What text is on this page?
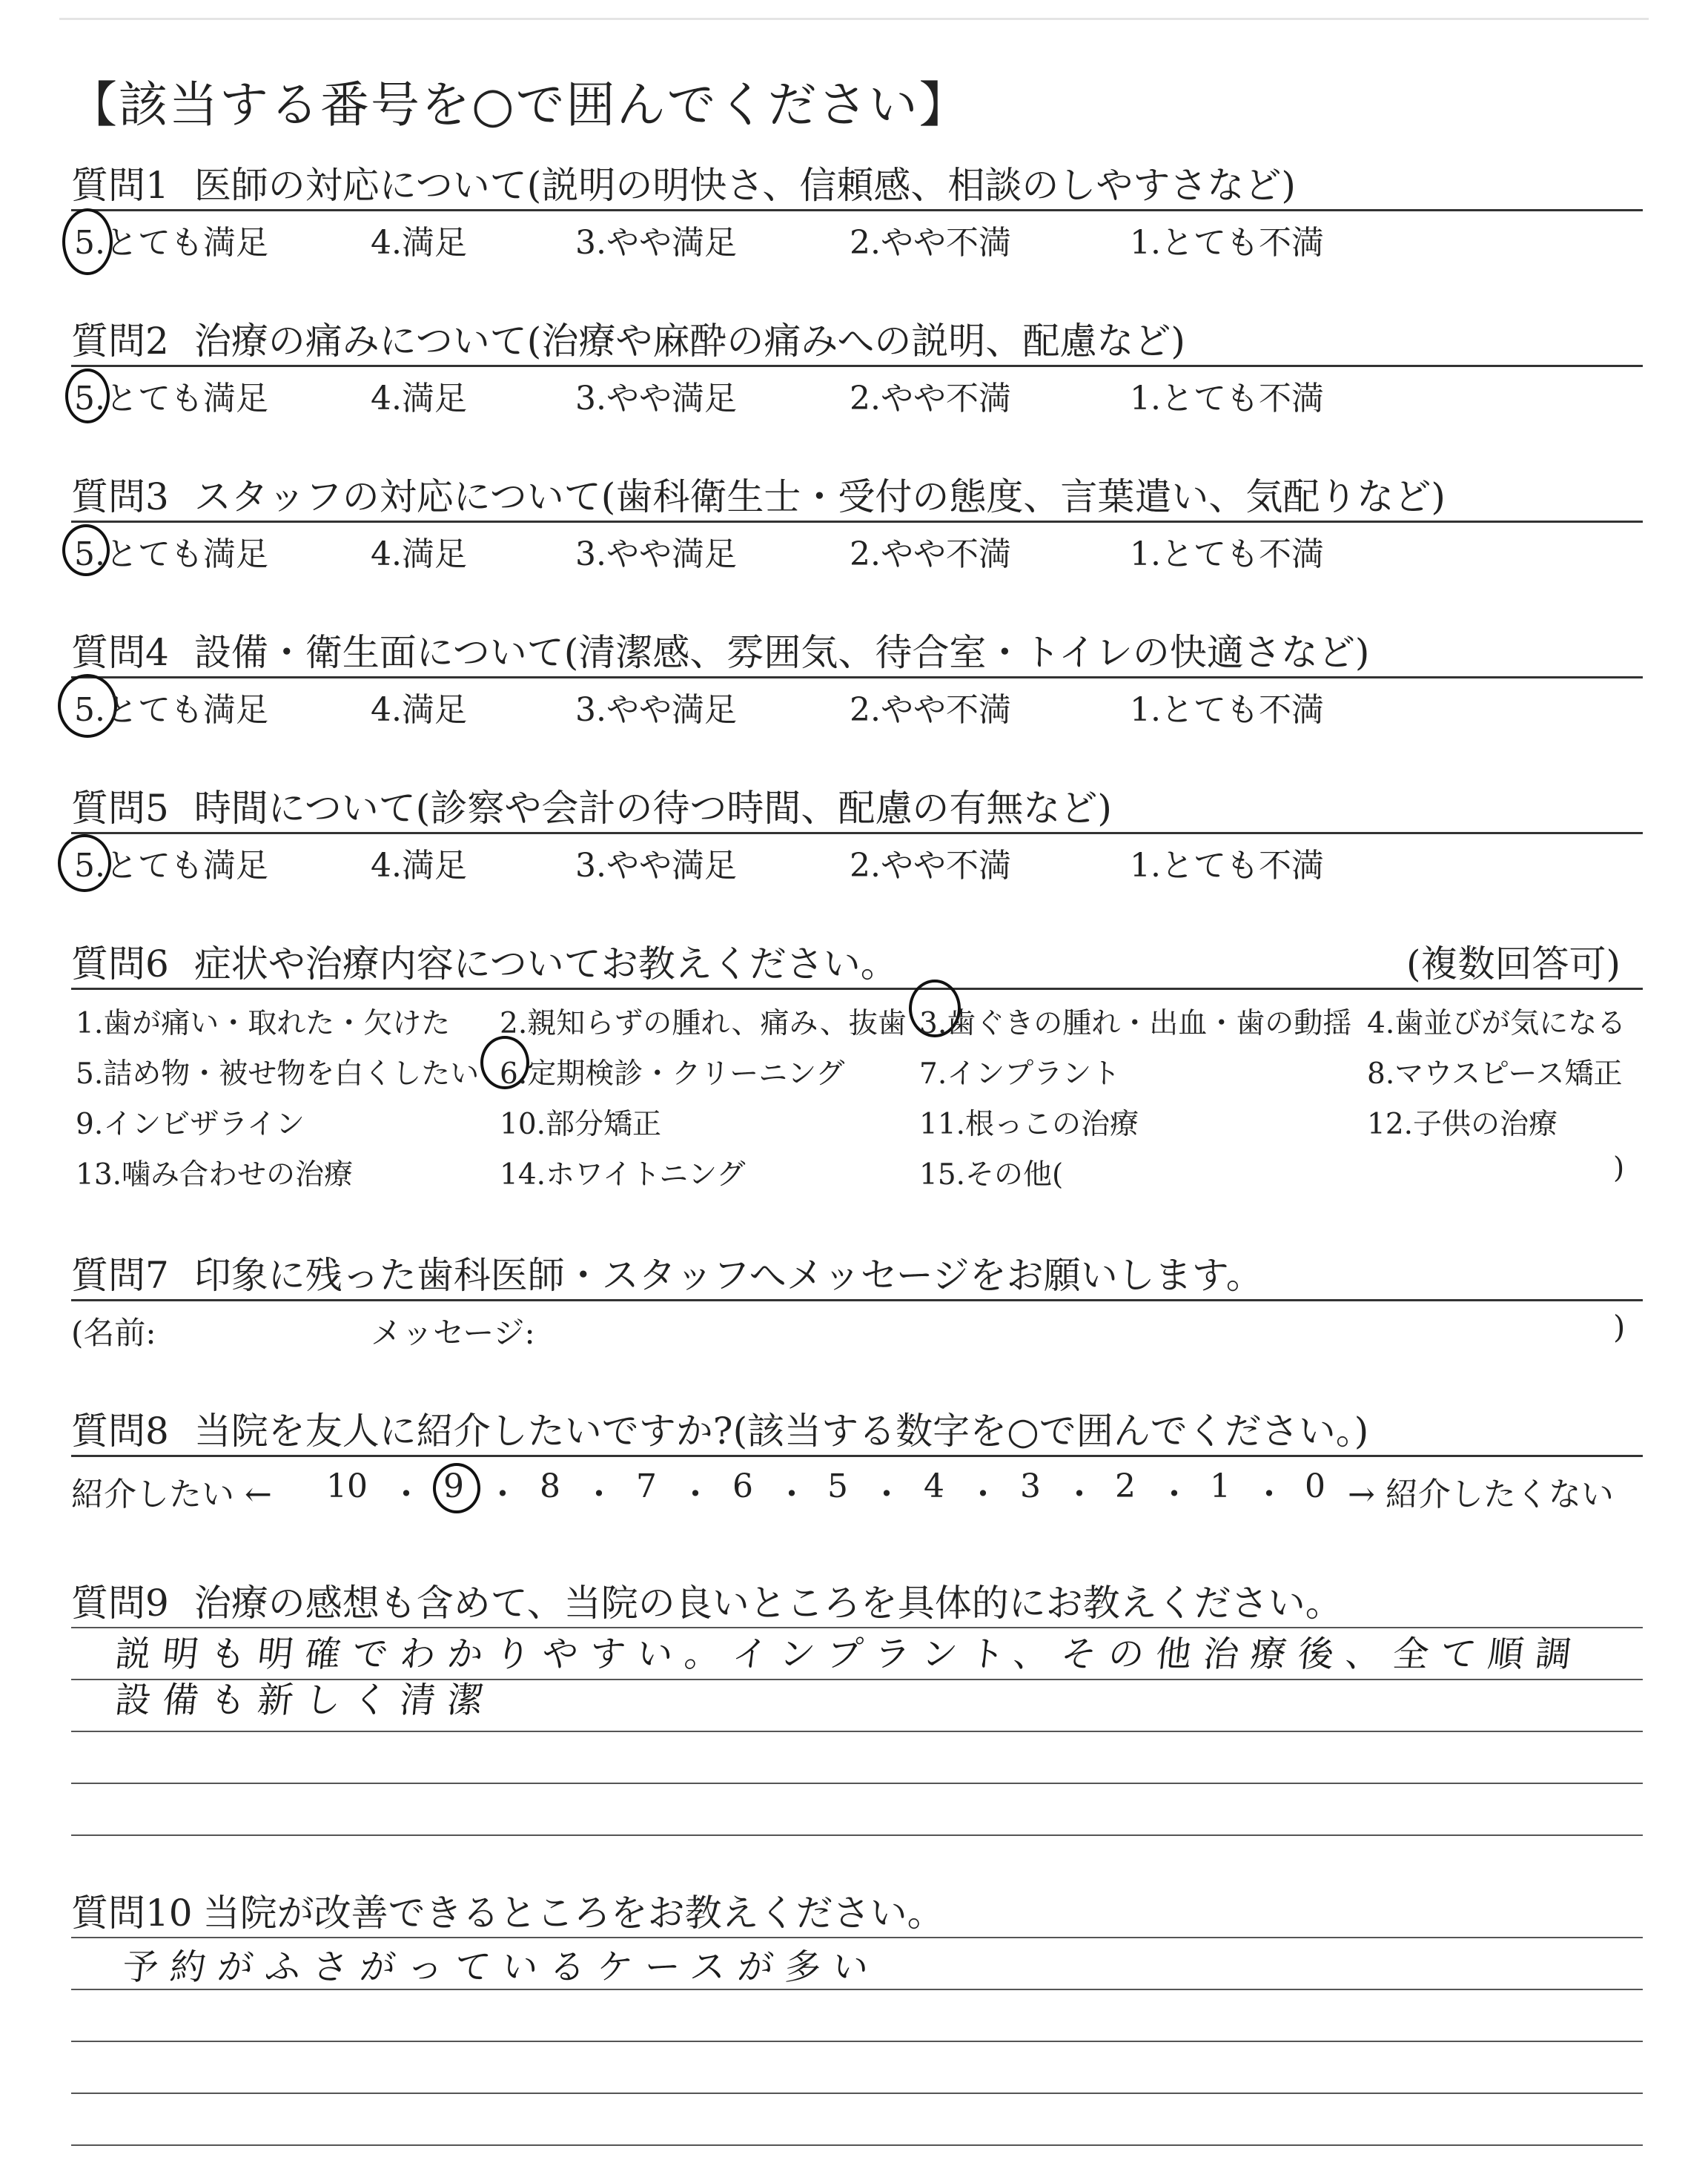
【該当する番号を○で囲んでください】
質問1 医師の対応について(説明の明快さ、信頼感、相談のしやすさなど)
5.とても満足	4.満足	3.やや満足	2.やや不満	1.とても不満
質問2 治療の痛みについて(治療や麻酔の痛みへの説明、配慮など)
5.とても満足	4.満足	3.やや満足	2.やや不満	1.とても不満
質問3 スタッフの対応について(歯科衛生士・受付の態度、言葉遣い、気配りなど)
5.とても満足	4.満足	3.やや満足	2.やや不満	1.とても不満
質問4 設備・衛生面について(清潔感、雰囲気、待合室・トイレの快適さなど)
5.とても満足	4.満足	3.やや満足	2.やや不満	1.とても不満
質問5 時間について(診察や会計の待つ時間、配慮の有無など)
5.とても満足	4.満足	3.やや満足	2.やや不満	1.とても不満
質問6 症状や治療内容についてお教えください。	(複数回答可)
1.歯が痛い・取れた・欠けた 2.親知らずの腫れ、痛み、抜歯 3.歯ぐきの腫れ・出血・歯の動揺 4.歯並びが気になる
5.詰め物・被せ物を白くしたい 6.定期検診・クリーニング	7.インプラント	8.マウスピース矯正
9.インビザライン	10.部分矯正	11.根っこの治療	12.子供の治療
13.噛み合わせの治療	14.ホワイトニング	15.その他(	)
質問7 印象に残った歯科医師・スタッフへメッセージをお願いします。
(名前:	メッセージ:	)
質問8 当院を友人に紹介したいですか?(該当する数字を○で囲んでください。)
紹介したい ← 10 ・ 9 ・ 8 ・ 7 ・ 6 ・ 5 ・ 4 ・ 3 ・ 2 ・ 1 ・ 0 → 紹介したくない
質問9 治療の感想も含めて、当院の良いところを具体的にお教えください。
説明も明確でわかりやすい。インプラント、その他治療後、全て順調
設備も新しく清潔
質問10 当院が改善できるところをお教えください。
予約がふさがっているケースが多い
